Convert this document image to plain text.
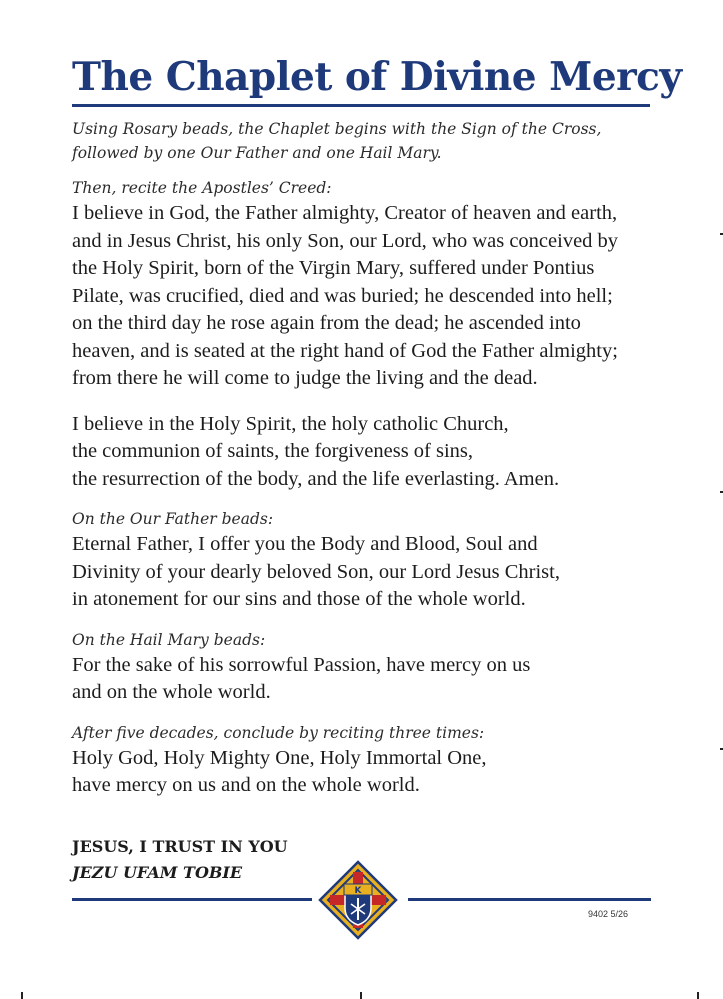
The Chaplet of Divine Mercy

Using Rosary beads, the Chaplet begins with the Sign of the Cross,

followed by one Our Father and one Hail Mary.

Then, recite the Apostles’ Creed:

I believe in God, the Father almighty, Creator of heaven and earth,

and in Jesus Christ, his only Son, our Lord, who was conceived by

the Holy Spirit, born of the Virgin Mary, suffered under Pontius

Pilate, was crucified, died and was buried; he descended into hell;

on the third day he rose again from the dead; he ascended into

heaven, and is seated at the right hand of God the Father almighty;

from there he will come to judge the living and the dead.

I believe in the Holy Spirit, the holy catholic Church,

the communion of saints, the forgiveness of sins,

the resurrection of the body, and the life everlasting. Amen.

On the Our Father beads:

Eternal Father, I offer you the Body and Blood, Soul and

Divinity of your dearly beloved Son, our Lord Jesus Christ,

in atonement for our sins and those of the whole world.

On the Hail Mary beads:

For the sake of his sorrowful Passion, have mercy on us

and on the whole world.

After five decades, conclude by reciting three times:

Holy God, Holy Mighty One, Holy Immortal One,

have mercy on us and on the whole world.

JESUS, I TRUST IN YOU
JEZU UFAM TOBIE
K
9402 5/26
